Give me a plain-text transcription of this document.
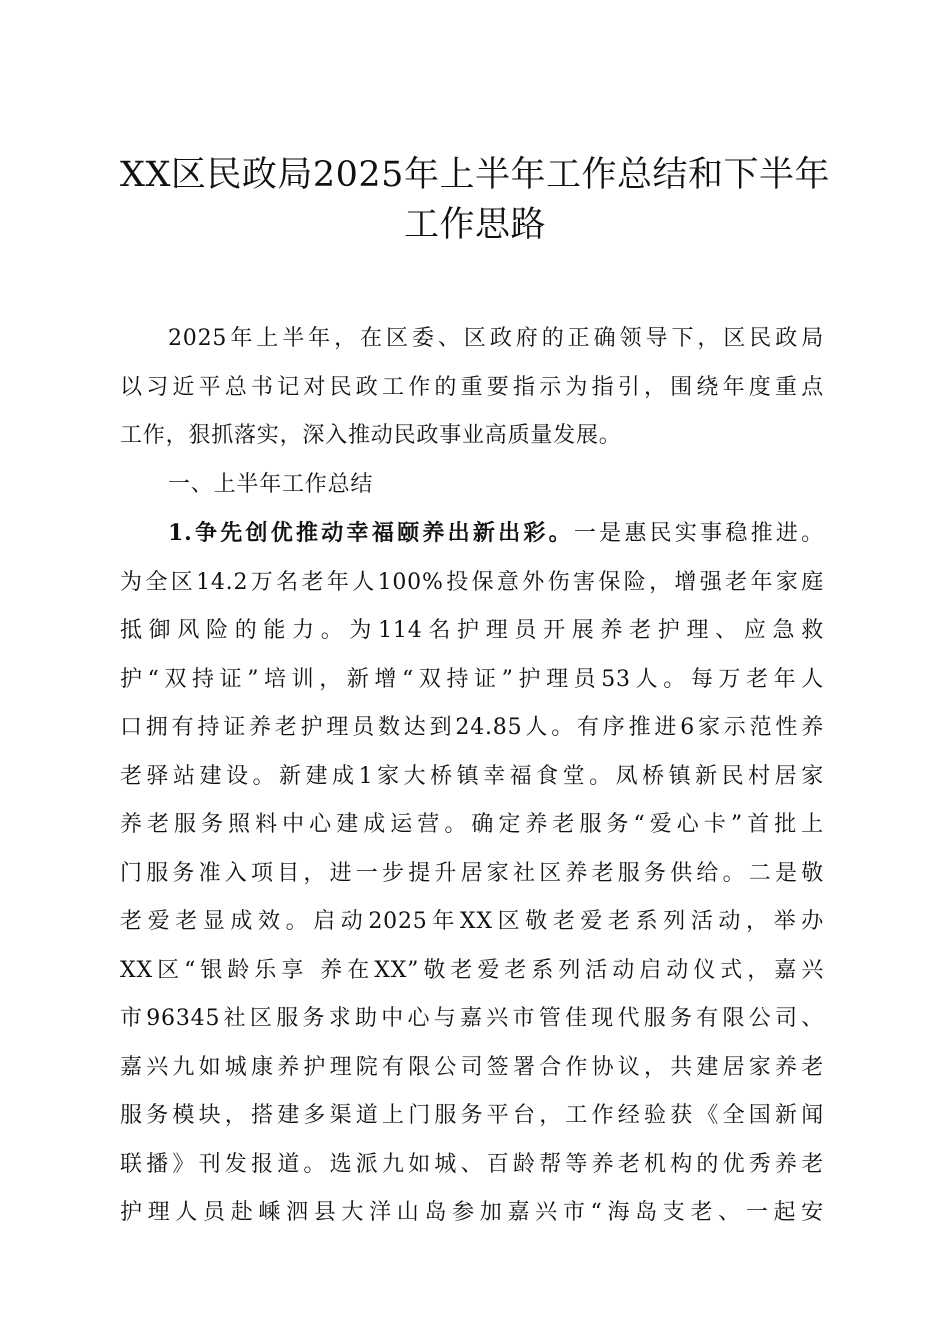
XX区民政局2025年上半年工作总结和下半年
工作思路
2025年上半年，在区委、区政府的正确领导下，区民政局
以习近平总书记对民政工作的重要指示为指引，围绕年度重点
工作，狠抓落实，深入推动民政事业高质量发展。
一、上半年工作总结
1.争先创优推动幸福颐养出新出彩。一是惠民实事稳推进。
为全区14.2万名老年人100%投保意外伤害保险，增强老年家庭
抵御风险的能力。为114名护理员开展养老护理、应急救
护“双持证”培训，新增“双持证”护理员53人。每万老年人
口拥有持证养老护理员数达到24.85人。有序推进6家示范性养
老驿站建设。新建成1家大桥镇幸福食堂。凤桥镇新民村居家
养老服务照料中心建成运营。确定养老服务“爱心卡”首批上
门服务准入项目，进一步提升居家社区养老服务供给。二是敬
老爱老显成效。启动2025年XX区敬老爱老系列活动，举办
XX区“银龄乐享 养在XX”敬老爱老系列活动启动仪式，嘉兴
市96345社区服务求助中心与嘉兴市管佳现代服务有限公司、
嘉兴九如城康养护理院有限公司签署合作协议，共建居家养老
服务模块，搭建多渠道上门服务平台，工作经验获《全国新闻
联播》刊发报道。选派九如城、百龄帮等养老机构的优秀养老
护理人员赴嵊泗县大洋山岛参加嘉兴市“海岛支老、一起安
